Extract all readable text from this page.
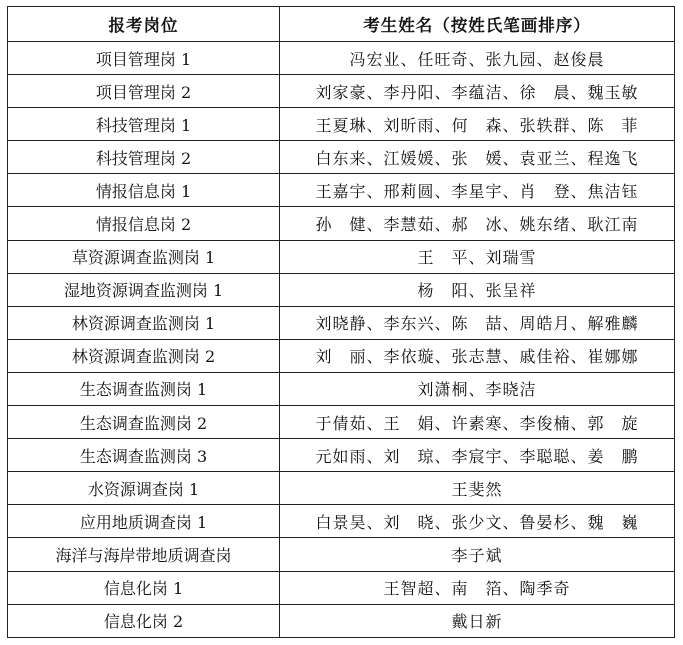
报考岗位	考生姓名（按姓氏笔画排序）
项目管理岗 1	冯宏业、任旺奇、张九园、赵俊晨
项目管理岗 2	刘家豪、李丹阳、李蕴洁、徐　晨、魏玉敏
科技管理岗 1	王夏琳、刘昕雨、何　森、张轶群、陈　菲
科技管理岗 2	白东来、江媛媛、张　媛、袁亚兰、程逸飞
情报信息岗 1	王嘉宇、邢莉圆、李星宇、肖　登、焦洁钰
情报信息岗 2	孙　健、李慧茹、郝　冰、姚东绪、耿江南
草资源调查监测岗 1	王　平、刘瑞雪
湿地资源调查监测岗 1	杨　阳、张呈祥
林资源调查监测岗 1	刘晓静、李东兴、陈　喆、周皓月、解雅麟
林资源调查监测岗 2	刘　丽、李依璇、张志慧、戚佳裕、崔娜娜
生态调查监测岗 1	刘潇桐、李晓洁
生态调查监测岗 2	于倩茹、王　娟、许素寒、李俊楠、郭　旋
生态调查监测岗 3	元如雨、刘　琼、李宸宇、李聪聪、姜　鹏
水资源调查岗 1	王斐然
应用地质调查岗 1	白景昊、刘　晓、张少文、鲁晏杉、魏　巍
海洋与海岸带地质调查岗	李子斌
信息化岗 1	王智超、南　箔、陶季奇
信息化岗 2	戴日新
